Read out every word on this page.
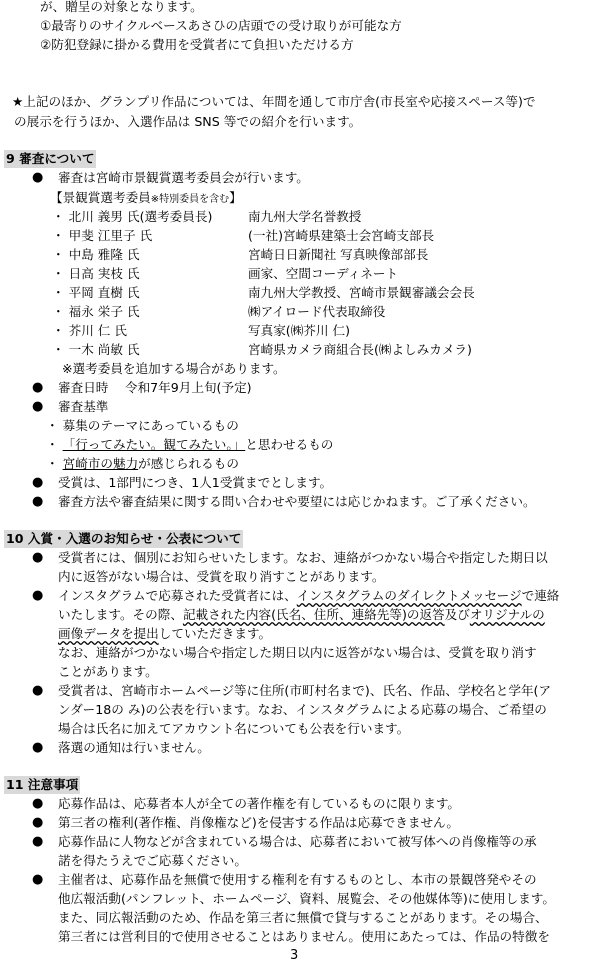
が、贈呈の対象となります。
①最寄りのサイクルベースあさひの店頭での受け取りが可能な方
②防犯登録に掛かる費用を受賞者にて負担いただける方
★上記のほか、グランプリ作品については、年間を通して市庁舎(市長室や応接スペース等)で
の展示を行うほか、入選作品は SNS 等での紹介を行います。
9 審査について
● 審査は宮崎市景観賞選考委員会が行います。
【景観賞選考委員※特別委員を含む】
・ 北川 義男 氏(選考委員長)	南九州大学名誉教授
・ 甲斐 江里子 氏	(一社)宮崎県建築士会宮崎支部長
・ 中島 雅隆 氏	宮崎日日新聞社 写真映像部部長
・ 日高 実枝 氏	画家、空間コーディネート
・ 平岡 直樹 氏	南九州大学教授、宮崎市景観審議会会長
・ 福永 栄子 氏	㈱アイロード代表取締役
・ 芥川 仁 氏	写真家(㈱芥川 仁)
・ 一木 尚敏 氏	宮崎県カメラ商組合長(㈱よしみカメラ)
※選考委員を追加する場合があります。
● 審査日時　 令和7年9月上旬(予定)
● 審査基準
・ 募集のテーマにあっているもの
・ 「行ってみたい。観てみたい。」と思わせるもの
・ 宮崎市の魅力が感じられるもの
● 受賞は、1部門につき、1人1受賞までとします。
● 審査方法や審査結果に関する問い合わせや要望には応じかねます。ご了承ください。
10 入賞・入選のお知らせ・公表について
● 受賞者には、個別にお知らせいたします。なお、連絡がつかない場合や指定した期日以
内に返答がない場合は、受賞を取り消すことがあります。
● インスタグラムで応募された受賞者には、インスタグラムのダイレクトメッセージで連絡
いたします。その際、記載された内容(氏名、住所、連絡先等)の返答及びオリジナルの
画像データを提出していただきます。
なお、連絡がつかない場合や指定した期日以内に返答がない場合は、受賞を取り消す
ことがあります。
● 受賞者は、宮崎市ホームページ等に住所(市町村名まで)、氏名、作品、学校名と学年(ア
ンダー18の み)の公表を行います。なお、インスタグラムによる応募の場合、ご希望の
場合は氏名に加えてアカウント名についても公表を行います。
● 落選の通知は行いません。
11 注意事項
● 応募作品は、応募者本人が全ての著作権を有しているものに限ります。
● 第三者の権利(著作権、肖像権など)を侵害する作品は応募できません。
● 応募作品に人物などが含まれている場合は、応募者において被写体への肖像権等の承
諾を得たうえでご応募ください。
● 主催者は、応募作品を無償で使用する権利を有するものとし、本市の景観啓発やその
他広報活動(パンフレット、ホームページ、資料、展覧会、その他媒体等)に使用します。
また、同広報活動のため、作品を第三者に無償で貸与することがあります。その場合、
第三者には営利目的で使用させることはありません。使用にあたっては、作品の特徴を
3
